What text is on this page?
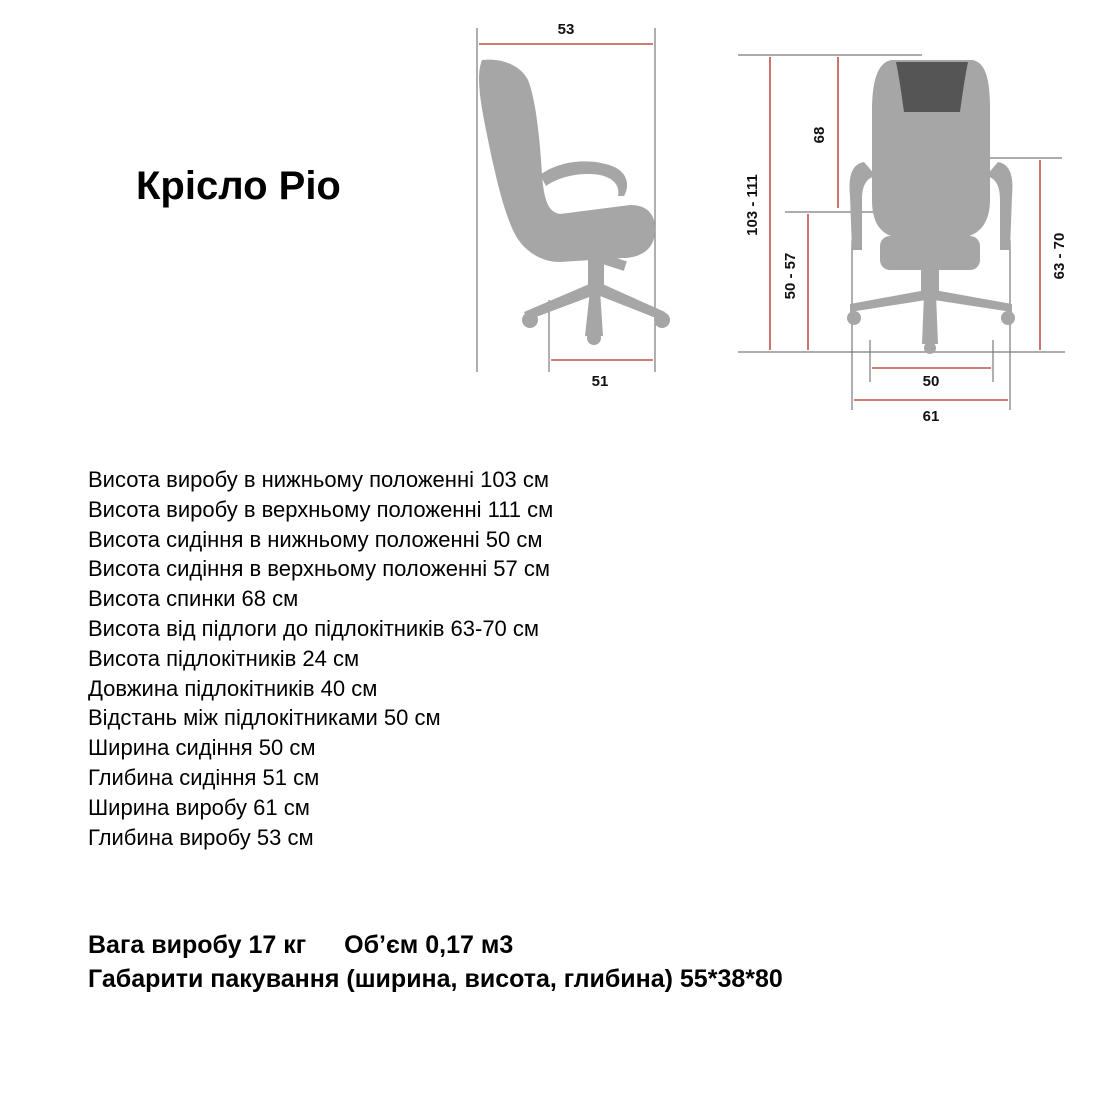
Крісло Pio
53
51
103 - 111
68
50 - 57	63 - 70
50
61
Висота виробу в нижньому положенні 103 см
Висота виробу в верхньому положенні 111 см
Висота сидіння в нижньому положенні 50 см
Висота сидіння в верхньому положенні 57 см
Висота спинки 68 см
Висота від підлоги до підлокітників 63-70 см
Висота підлокітників 24 см
Довжина підлокітників 40 см
Відстань між підлокітниками 50 см
Ширина сидіння 50 см
Глибина сидіння 51 см
Ширина виробу 61 см
Глибина виробу 53 см
Вага виробу 17 кг Об’єм 0,17 м3
Габарити пакування (ширина, висота, глибина) 55*38*80
